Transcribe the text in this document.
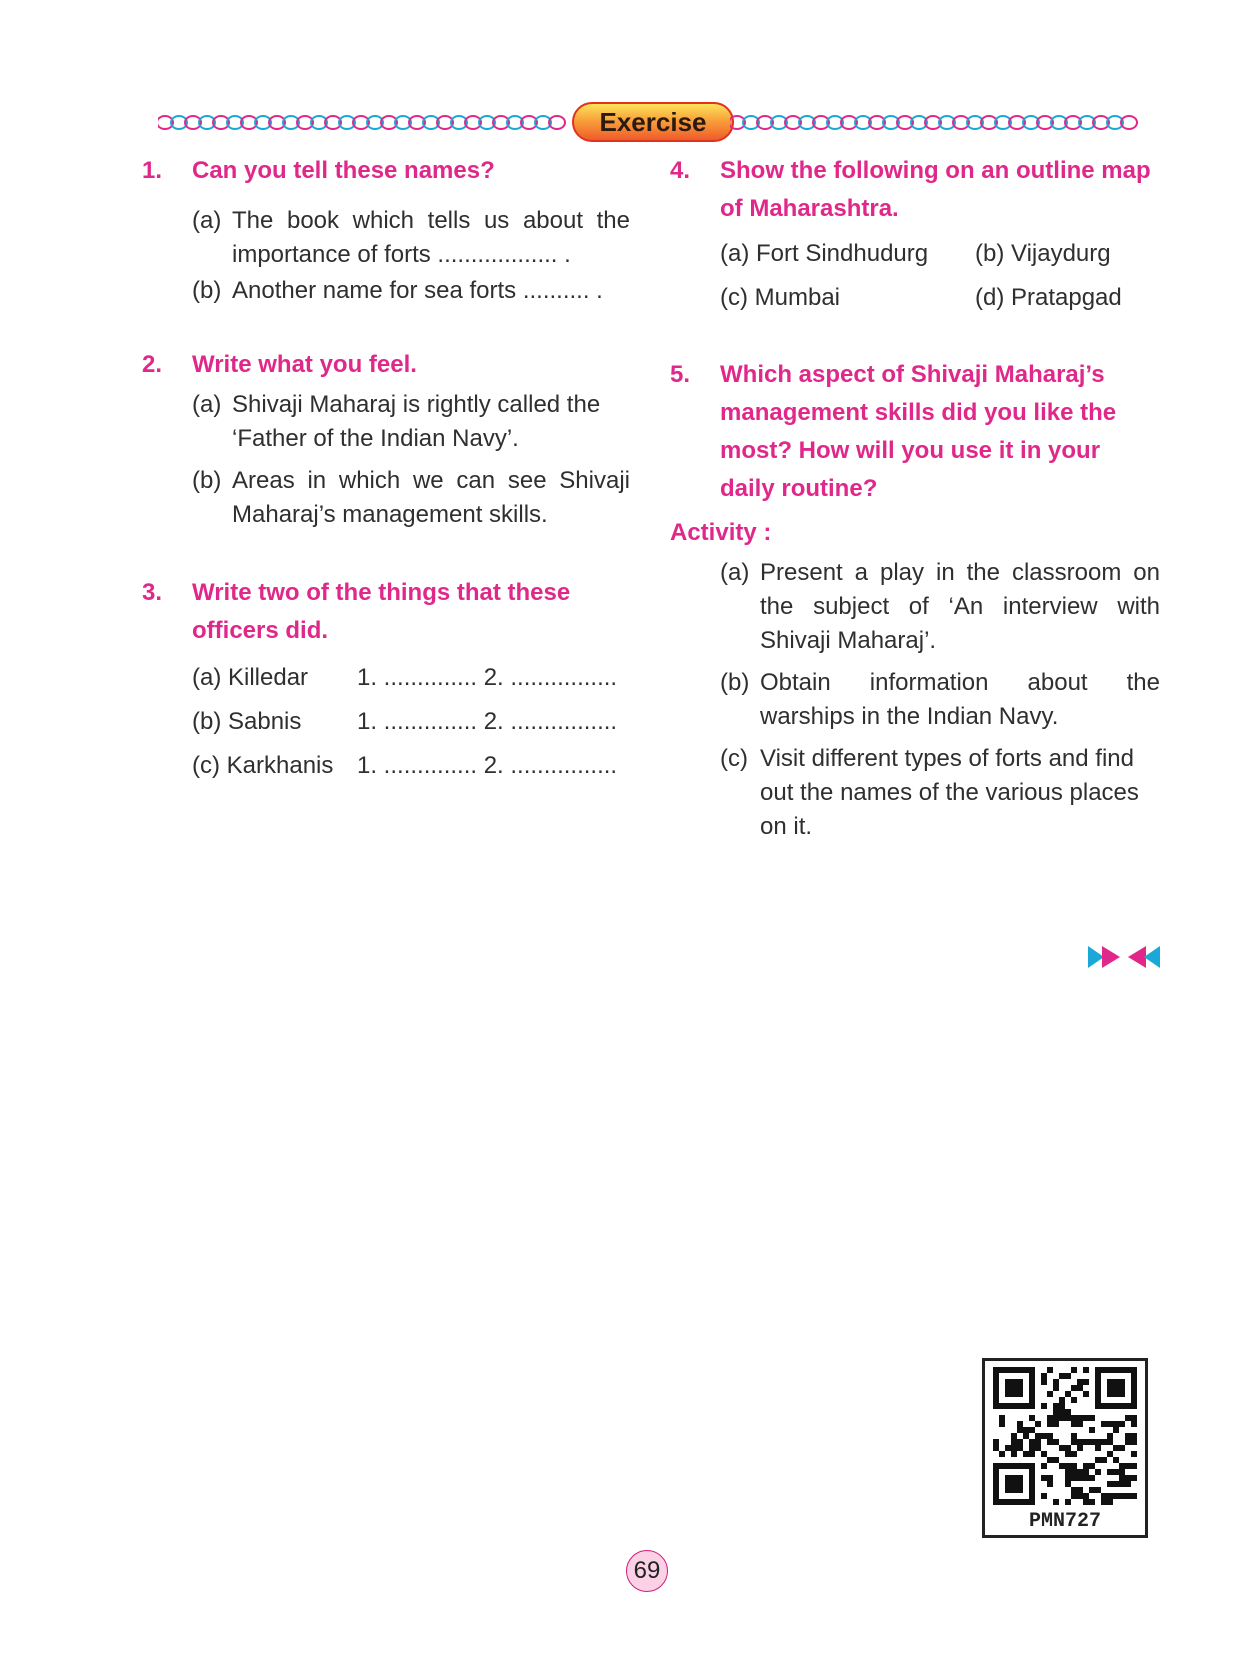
Exercise
1. Can you tell these names?
(a) The book which tells us about the importance of forts .................. .
(b) Another name for sea forts .......... .
2. Write what you feel.
(a) Shivaji Maharaj is rightly called the ‘Father of the Indian Navy’.
(b) Areas in which we can see Shivaji Maharaj’s management skills.
3. Write two of the things that these
officers did.
(a) Killedar	1. .............. 2. ................
(b) Sabnis	1. .............. 2. ................
(c) Karkhanis 1. .............. 2. ................
4. Show the following on an outline map
of Maharashtra.
(a) Fort Sindhudurg	(b) Vijaydurg
(c) Mumbai	(d) Pratapgad
5. Which aspect of Shivaji Maharaj’s
management skills did you like the
most? How will you use it in your
daily routine?
Activity :
(a) Present a play in the classroom on the subject of ‘An interview with Shivaji Maharaj’.
(b) Obtain information about the warships in the Indian Navy.
(c) Visit different types of forts and find out the names of the various places on it.
PMN727
69
